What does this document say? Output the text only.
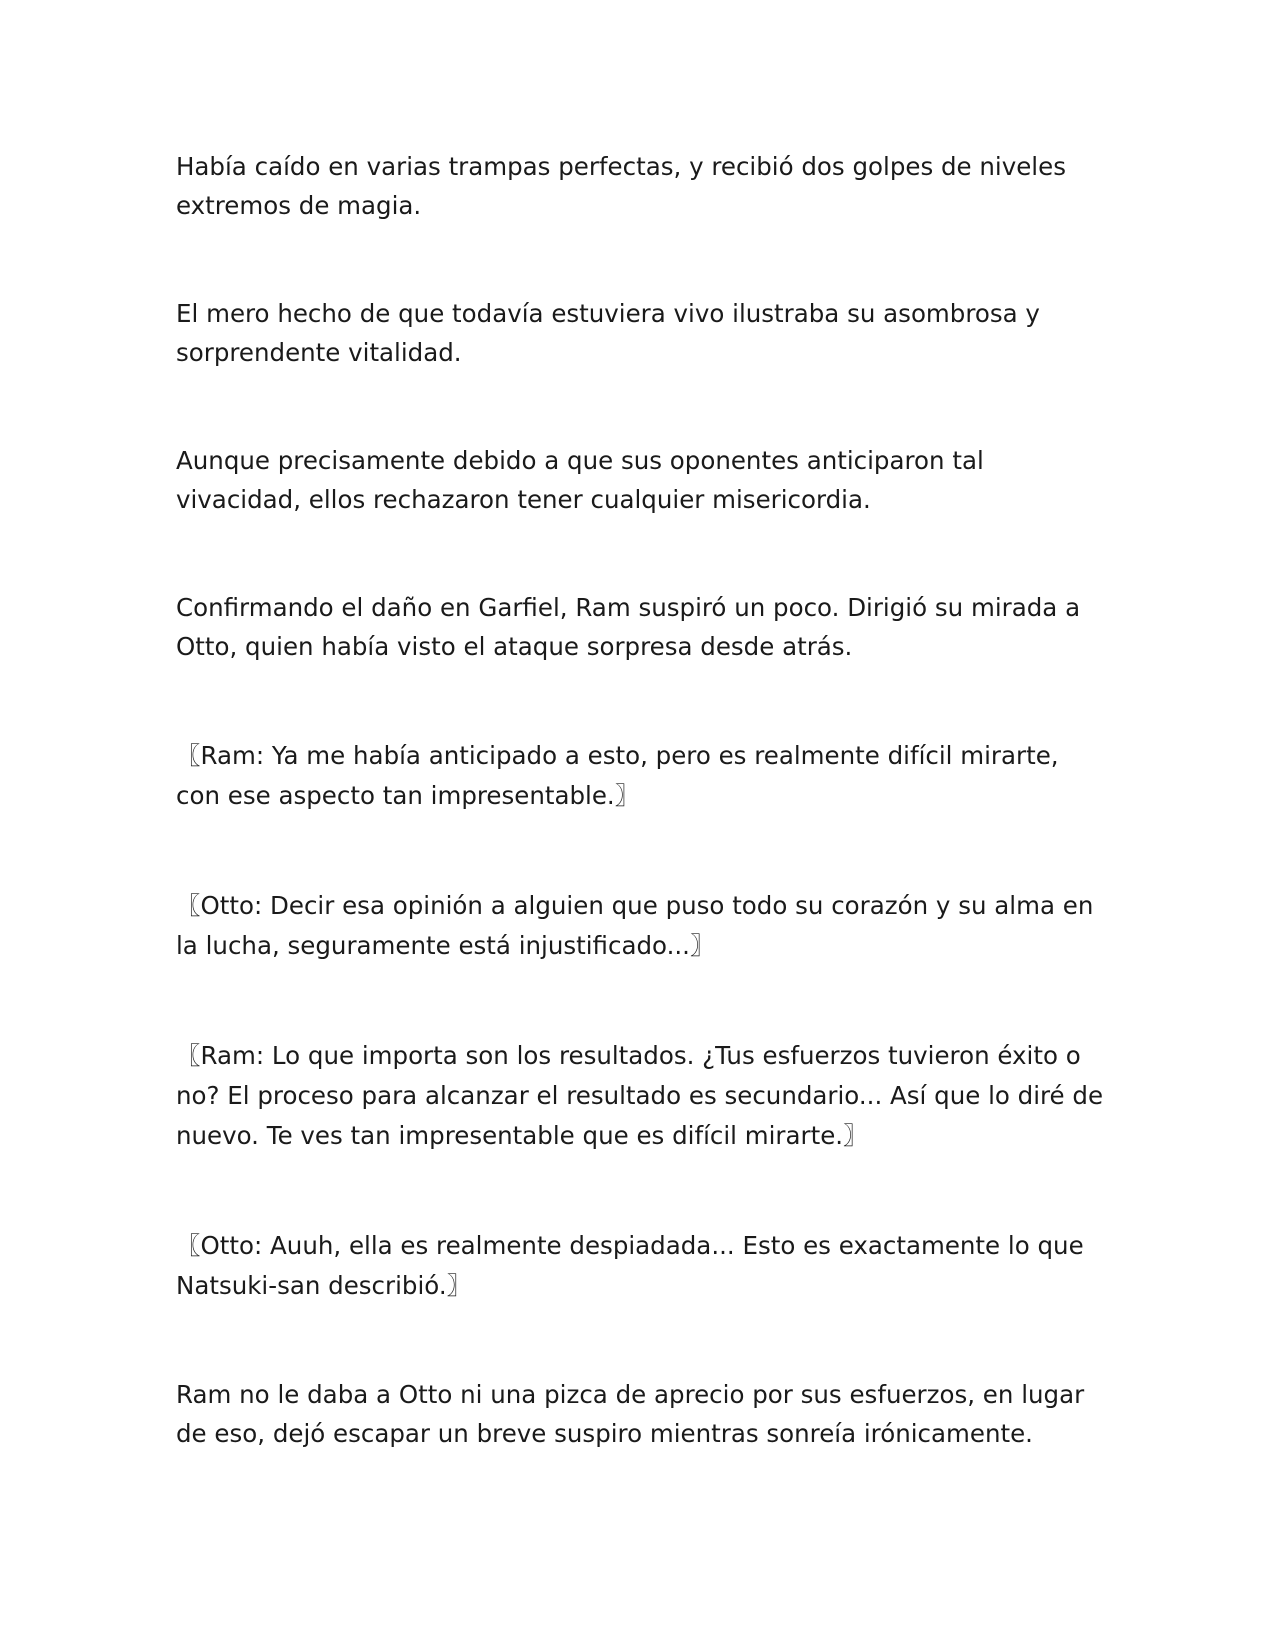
Había caído en varias trampas perfectas, y recibió dos golpes de niveles extremos de magia.

El mero hecho de que todavía estuviera vivo ilustraba su asombrosa y sorprendente vitalidad.

Aunque precisamente debido a que sus oponentes anticiparon tal vivacidad, ellos rechazaron tener cualquier misericordia.

Confirmando el daño en Garfiel, Ram suspiró un poco. Dirigió su mirada a Otto, quien había visto el ataque sorpresa desde atrás.

〖Ram: Ya me había anticipado a esto, pero es realmente difícil mirarte, con ese aspecto tan impresentable.〗

〖Otto: Decir esa opinión a alguien que puso todo su corazón y su alma en la lucha, seguramente está injustificado...〗

〖Ram: Lo que importa son los resultados. ¿Tus esfuerzos tuvieron éxito o no? El proceso para alcanzar el resultado es secundario... Así que lo diré de nuevo. Te ves tan impresentable que es difícil mirarte.〗

〖Otto: Auuh, ella es realmente despiadada... Esto es exactamente lo que Natsuki-san describió.〗

Ram no le daba a Otto ni una pizca de aprecio por sus esfuerzos, en lugar de eso, dejó escapar un breve suspiro mientras sonreía irónicamente.
